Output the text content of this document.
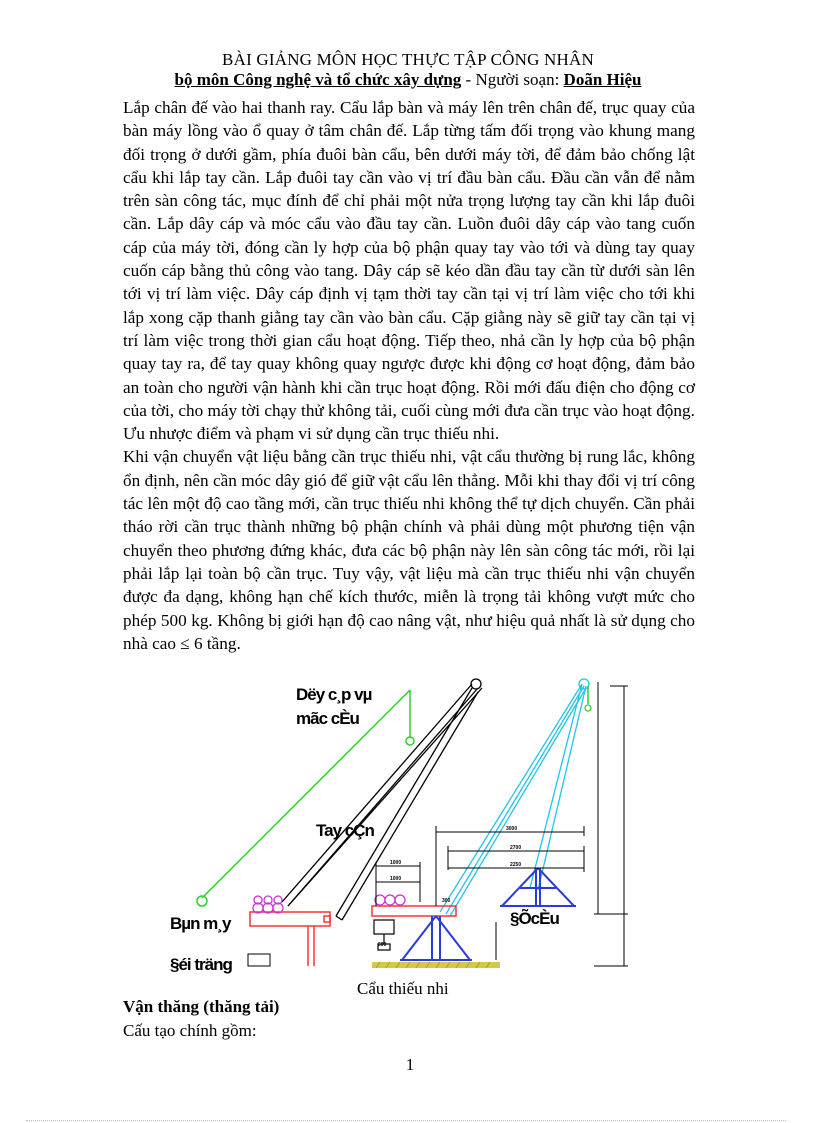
BÀI GIẢNG MÔN HỌC THỰC TẬP CÔNG NHÂN
bộ môn Công nghệ và tổ chức xây dựng - Người soạn: Doãn Hiệu

Lắp chân đế vào hai thanh ray. Cẩu lắp bàn và máy lên trên chân đế, trục quay của bàn máy lồng vào ổ quay ở tâm chân đế. Lắp từng tấm đối trọng vào khung mang đối trọng ở dưới gầm, phía đuôi bàn cẩu, bên dưới máy tời, để đảm bảo chống lật cẩu khi lắp tay cần. Lắp đuôi tay cần vào vị trí đầu bàn cẩu. Đầu cần vẫn để nằm trên sàn công tác, mục đính để chỉ phải một nửa trọng lượng tay cần khi lắp đuôi cần. Lắp dây cáp và móc cẩu vào đầu tay cần. Luồn đuôi dây cáp vào tang cuốn cáp của máy tời, đóng cần ly hợp của bộ phận quay tay vào tới và dùng tay quay cuốn cáp bằng thủ công vào tang. Dây cáp sẽ kéo dần đầu tay cần từ dưới sàn lên tới vị trí làm việc. Dây cáp định vị tạm thời tay cần tại vị trí làm việc cho tới khi lắp xong cặp thanh giằng tay cần vào bàn cẩu. Cặp giằng này sẽ giữ tay cần tại vị trí làm việc trong thời gian cẩu hoạt động. Tiếp theo, nhả cần ly hợp của bộ phận quay tay ra, để tay quay không quay ngược được khi động cơ hoạt động, đảm bảo an toàn cho người vận hành khi cần trục hoạt động. Rồi mới đấu điện cho động cơ của tời, cho máy tời chạy thử không tải, cuối cùng mới đưa cần trục vào hoạt động.

Ưu nhược điểm và phạm vi sử dụng cần trục thiếu nhi.

Khi vận chuyển vật liệu bằng cần trục thiếu nhi, vật cẩu thường bị rung lắc, không ổn định, nên cần móc dây gió để giữ vật cẩu lên thẳng. Mỗi khi thay đổi vị trí công tác lên một độ cao tầng mới, cần trục thiếu nhi không thể tự dịch chuyển. Cần phải tháo rời cần trục thành những bộ phận chính và phải dùng một phương tiện vận chuyển theo phương đứng khác, đưa các bộ phận này lên sàn công tác mới, rồi lại phải lắp lại toàn bộ cần trục. Tuy vậy, vật liệu mà cần trục thiếu nhi vận chuyển được đa dạng, không hạn chế kích thước, miễn là trọng tải không vượt mức cho phép 500 kg. Không bị giới hạn độ cao nâng vật, như hiệu quả nhất là sử dụng cho nhà cao ≤ 6 tầng.

3000
2700
2250
1000
1000
300
600
Dëy c¸p vµ
mãc cÈu
Tay cÇn
Bµn m¸y
§éi träng
§ÕcÈu
Cẩu thiếu nhi
Vận thăng (thăng tải)
Cấu tạo chính gồm:
1
